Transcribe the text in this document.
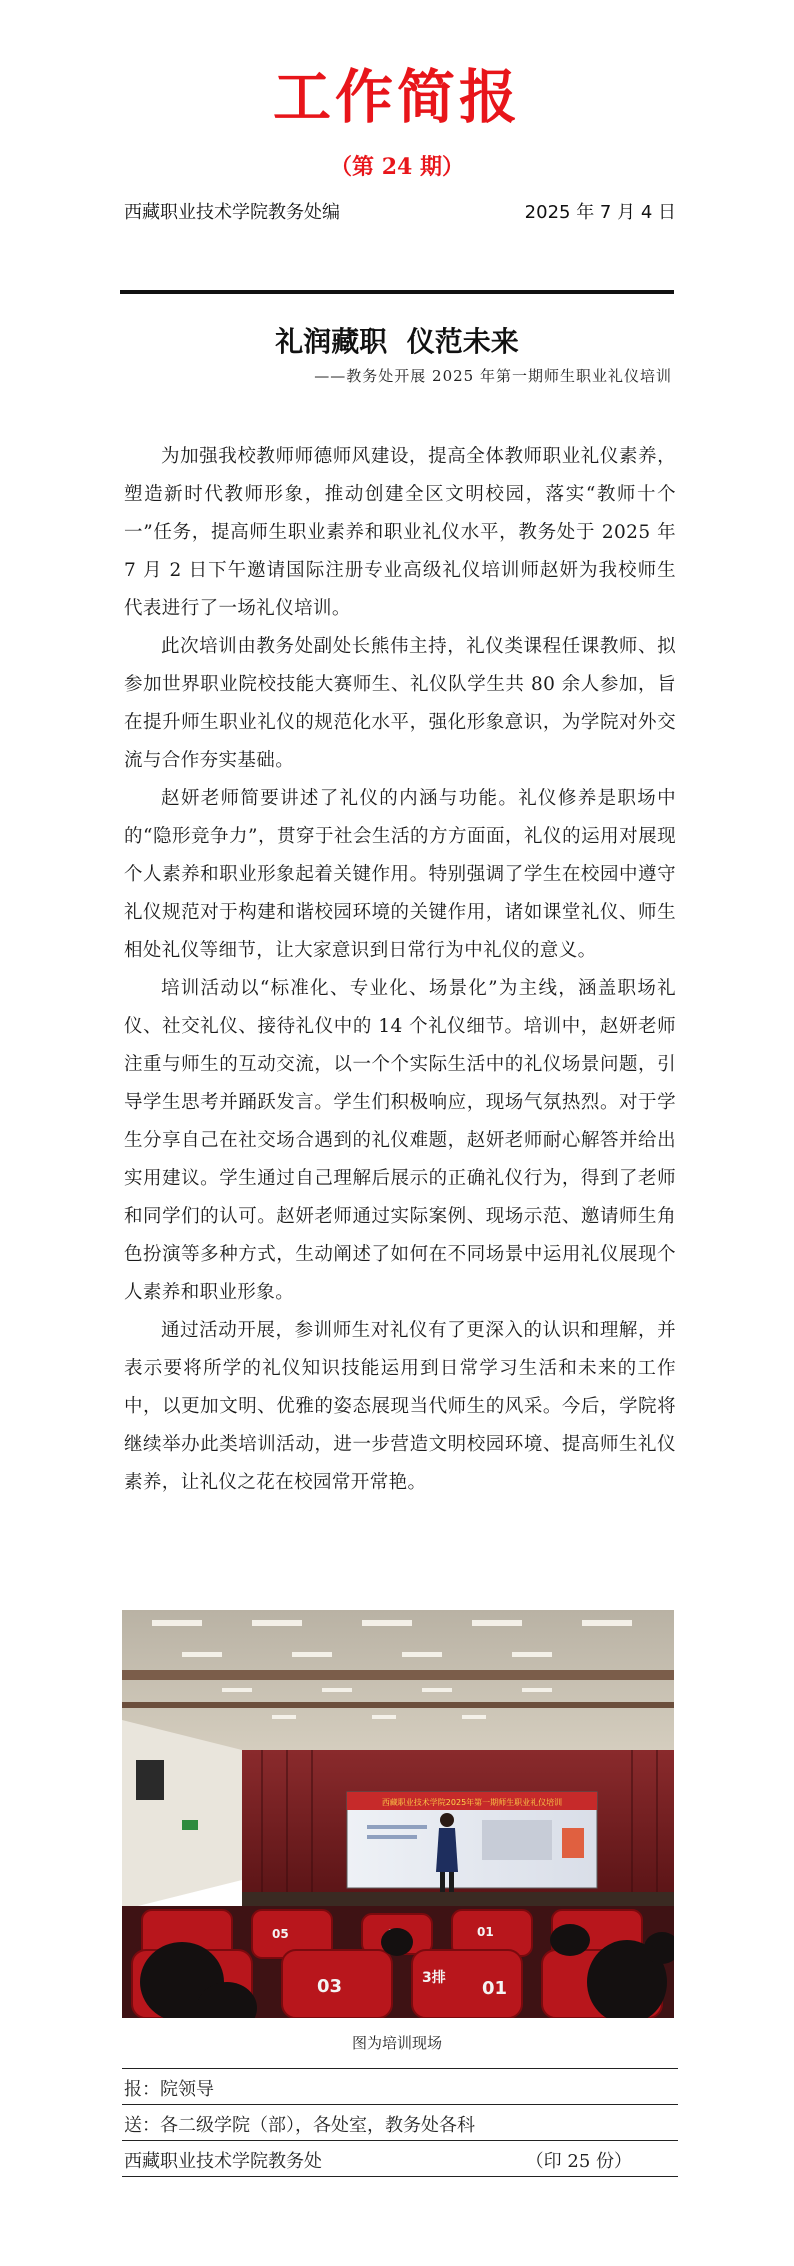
工作简报
（第 24 期）
西藏职业技术学院教务处编	2025 年 7 月 4 日
礼润藏职  仪范未来
——教务处开展 2025 年第一期师生职业礼仪培训

为加强我校教师师德师风建设，提高全体教师职业礼仪素养，塑造新时代教师形象，推动创建全区文明校园，落实“教师十个一”任务，提高师生职业素养和职业礼仪水平，教务处于 2025 年 7 月 2 日下午邀请国际注册专业高级礼仪培训师赵妍为我校师生代表进行了一场礼仪培训。

此次培训由教务处副处长熊伟主持，礼仪类课程任课教师、拟参加世界职业院校技能大赛师生、礼仪队学生共 80 余人参加，旨在提升师生职业礼仪的规范化水平，强化形象意识，为学院对外交流与合作夯实基础。

赵妍老师简要讲述了礼仪的内涵与功能。礼仪修养是职场中的“隐形竞争力”，贯穿于社会生活的方方面面，礼仪的运用对展现个人素养和职业形象起着关键作用。特别强调了学生在校园中遵守礼仪规范对于构建和谐校园环境的关键作用，诸如课堂礼仪、师生相处礼仪等细节，让大家意识到日常行为中礼仪的意义。

培训活动以“标准化、专业化、场景化”为主线，涵盖职场礼仪、社交礼仪、接待礼仪中的 14 个礼仪细节。培训中，赵妍老师注重与师生的互动交流，以一个个实际生活中的礼仪场景问题，引导学生思考并踊跃发言。学生们积极响应，现场气氛热烈。对于学生分享自己在社交场合遇到的礼仪难题，赵妍老师耐心解答并给出实用建议。学生通过自己理解后展示的正确礼仪行为，得到了老师和同学们的认可。赵妍老师通过实际案例、现场示范、邀请师生角色扮演等多种方式，生动阐述了如何在不同场景中运用礼仪展现个人素养和职业形象。

通过活动开展，参训师生对礼仪有了更深入的认识和理解，并表示要将所学的礼仪知识技能运用到日常学习生活和未来的工作中，以更加文明、优雅的姿态展现当代师生的风采。今后，学院将继续举办此类培训活动，进一步营造文明校园环境、提高师生礼仪素养，让礼仪之花在校园常开常艳。

西藏职业技术学院2025年第一期师生职业礼仪培训
05	01
03	3排 01
图为培训现场
报：院领导
送：各二级学院（部），各处室，教务处各科
西藏职业技术学院教务处	（印 25 份）
